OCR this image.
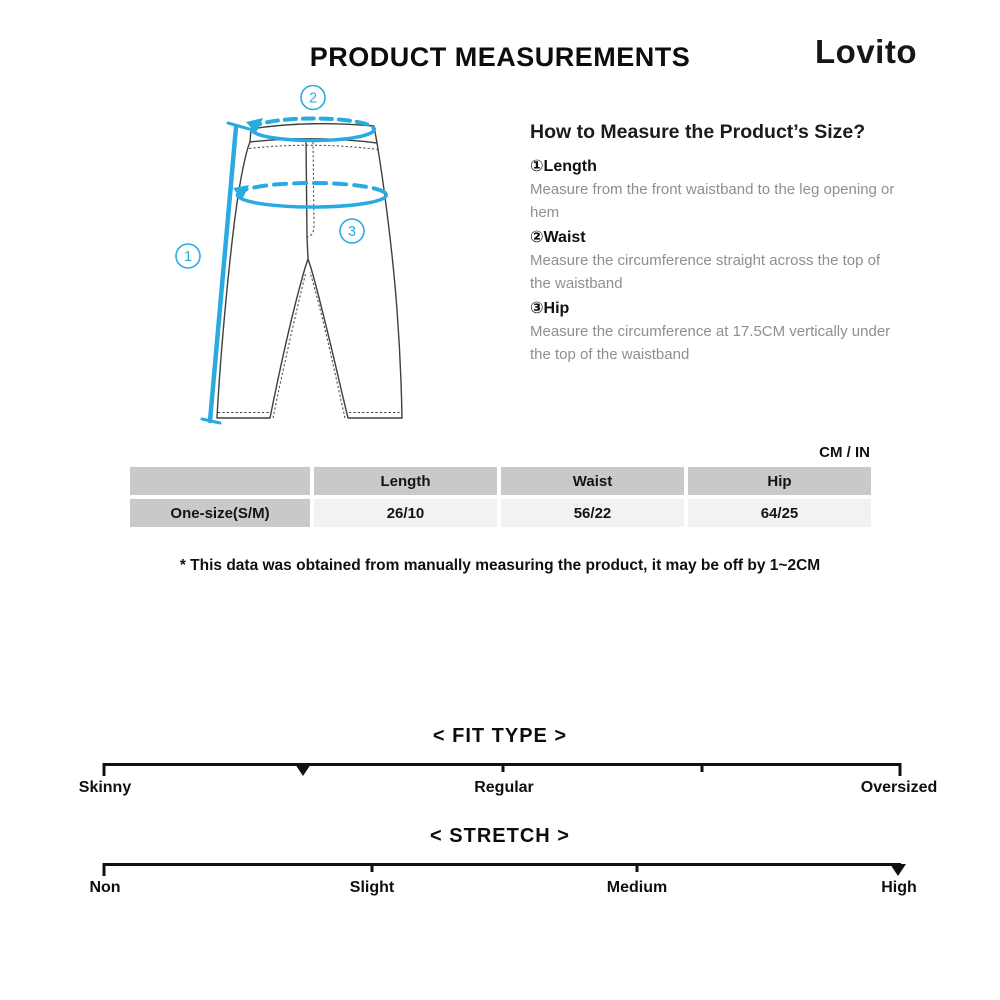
PRODUCT MEASUREMENTS	Lovito
2
1
3
How to Measure the Product’s Size?
①Length
Measure from the front waistband to the leg opening or hem
②Waist
Measure the circumference straight across the top of the waistband
③Hip
Measure the circumference at 17.5CM vertically under the top of the waistband
CM / IN
	Length	Waist	Hip
One-size(S/M)	26/10	56/22	64/25
* This data was obtained from manually measuring the product, it may be off by 1~2CM
< FIT TYPE >
Skinny	Regular	Oversized
< STRETCH >
Non	Slight	Medium	High
